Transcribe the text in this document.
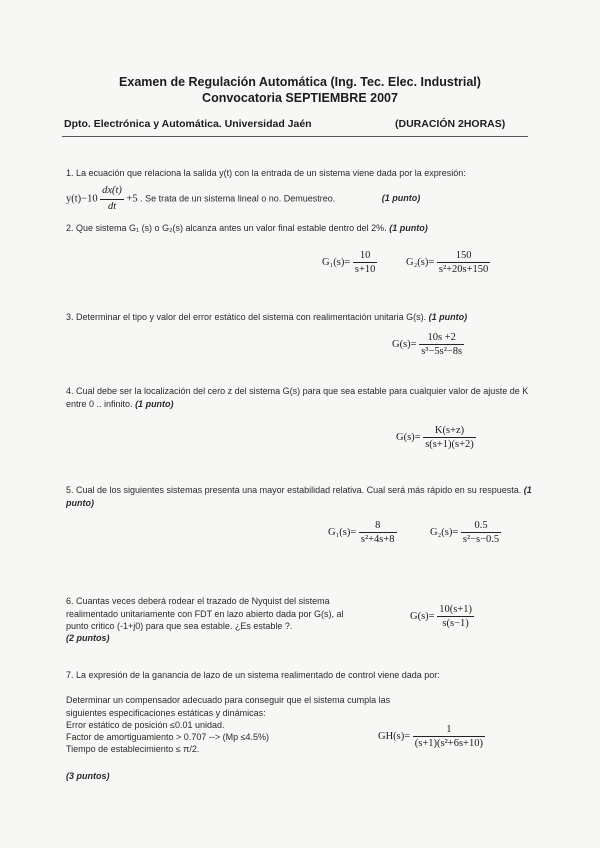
Examen de Regulación Automática (Ing. Tec. Elec. Industrial)
Convocatoria SEPTIEMBRE 2007
Dpto. Electrónica y Automática. Universidad Jaén	(DURACIÓN 2HORAS)
1. La ecuación que relaciona la salida y(t) con la entrada de un sistema viene dada por la expresión:
$y(t)-10 \frac{dx(t)}{dt} +5$ . Se trata de un sistema lineal o no. Demuestreo.	(1 punto)
2. Que sistema G₁ (s) o G₂(s) alcanza antes un valor final estable dentro del 2%. (1 punto)
$G_1(s)= \frac{10}{s+10}$	$G_2(s)= \frac{150}{\text{s²+20s+150}}$
3. Determinar el tipo y valor del error estático del sistema con realimentación unitaria G(s). (1 punto)
$G(s)= \frac{10s +2}{\text{s³−5s²−8s}}$
4. Cual debe ser la localización del cero z del sistema G(s) para que sea estable para cualquier valor de ajuste de K entre 0 .. infinito. (1 punto)
$G(s)= \frac{K(s+z)}{s(s+1)(s+2)}$
5. Cual de los siguientes sistemas presenta una mayor estabilidad relativa. Cual será más rápido en su respuesta. (1 punto)
$G_1(s)= \frac{8}{\text{s²+4s+8}}$	$G_2(s)= \frac{0.5}{\text{s²−s−0.5}}$
6. Cuantas veces deberá rodear el trazado de Nyquist del sistema realimentado unitariamente con FDT en lazo abierto dada por G(s), al punto critico (-1+j0) para que sea estable. ¿Es estable ?.
(2 puntos)
$G(s)= \frac{10(s+1)}{s(s-1)}$
7. La expresión de la ganancia de lazo de un sistema realimentado de control viene dada por:
Determinar un compensador adecuado para conseguir que el sistema cumpla las siguientes especificaciones estáticas y dinámicas:
Error estático de posición ≤0.01 unidad.
Factor de amortiguamiento > 0.707 --> (Mp ≤4.5%)
Tiempo de establecimiento ≤ π/2.
$GH(s)= \frac{1}{\text{(s+1)(s²+6s+10)}}$
(3 puntos)
